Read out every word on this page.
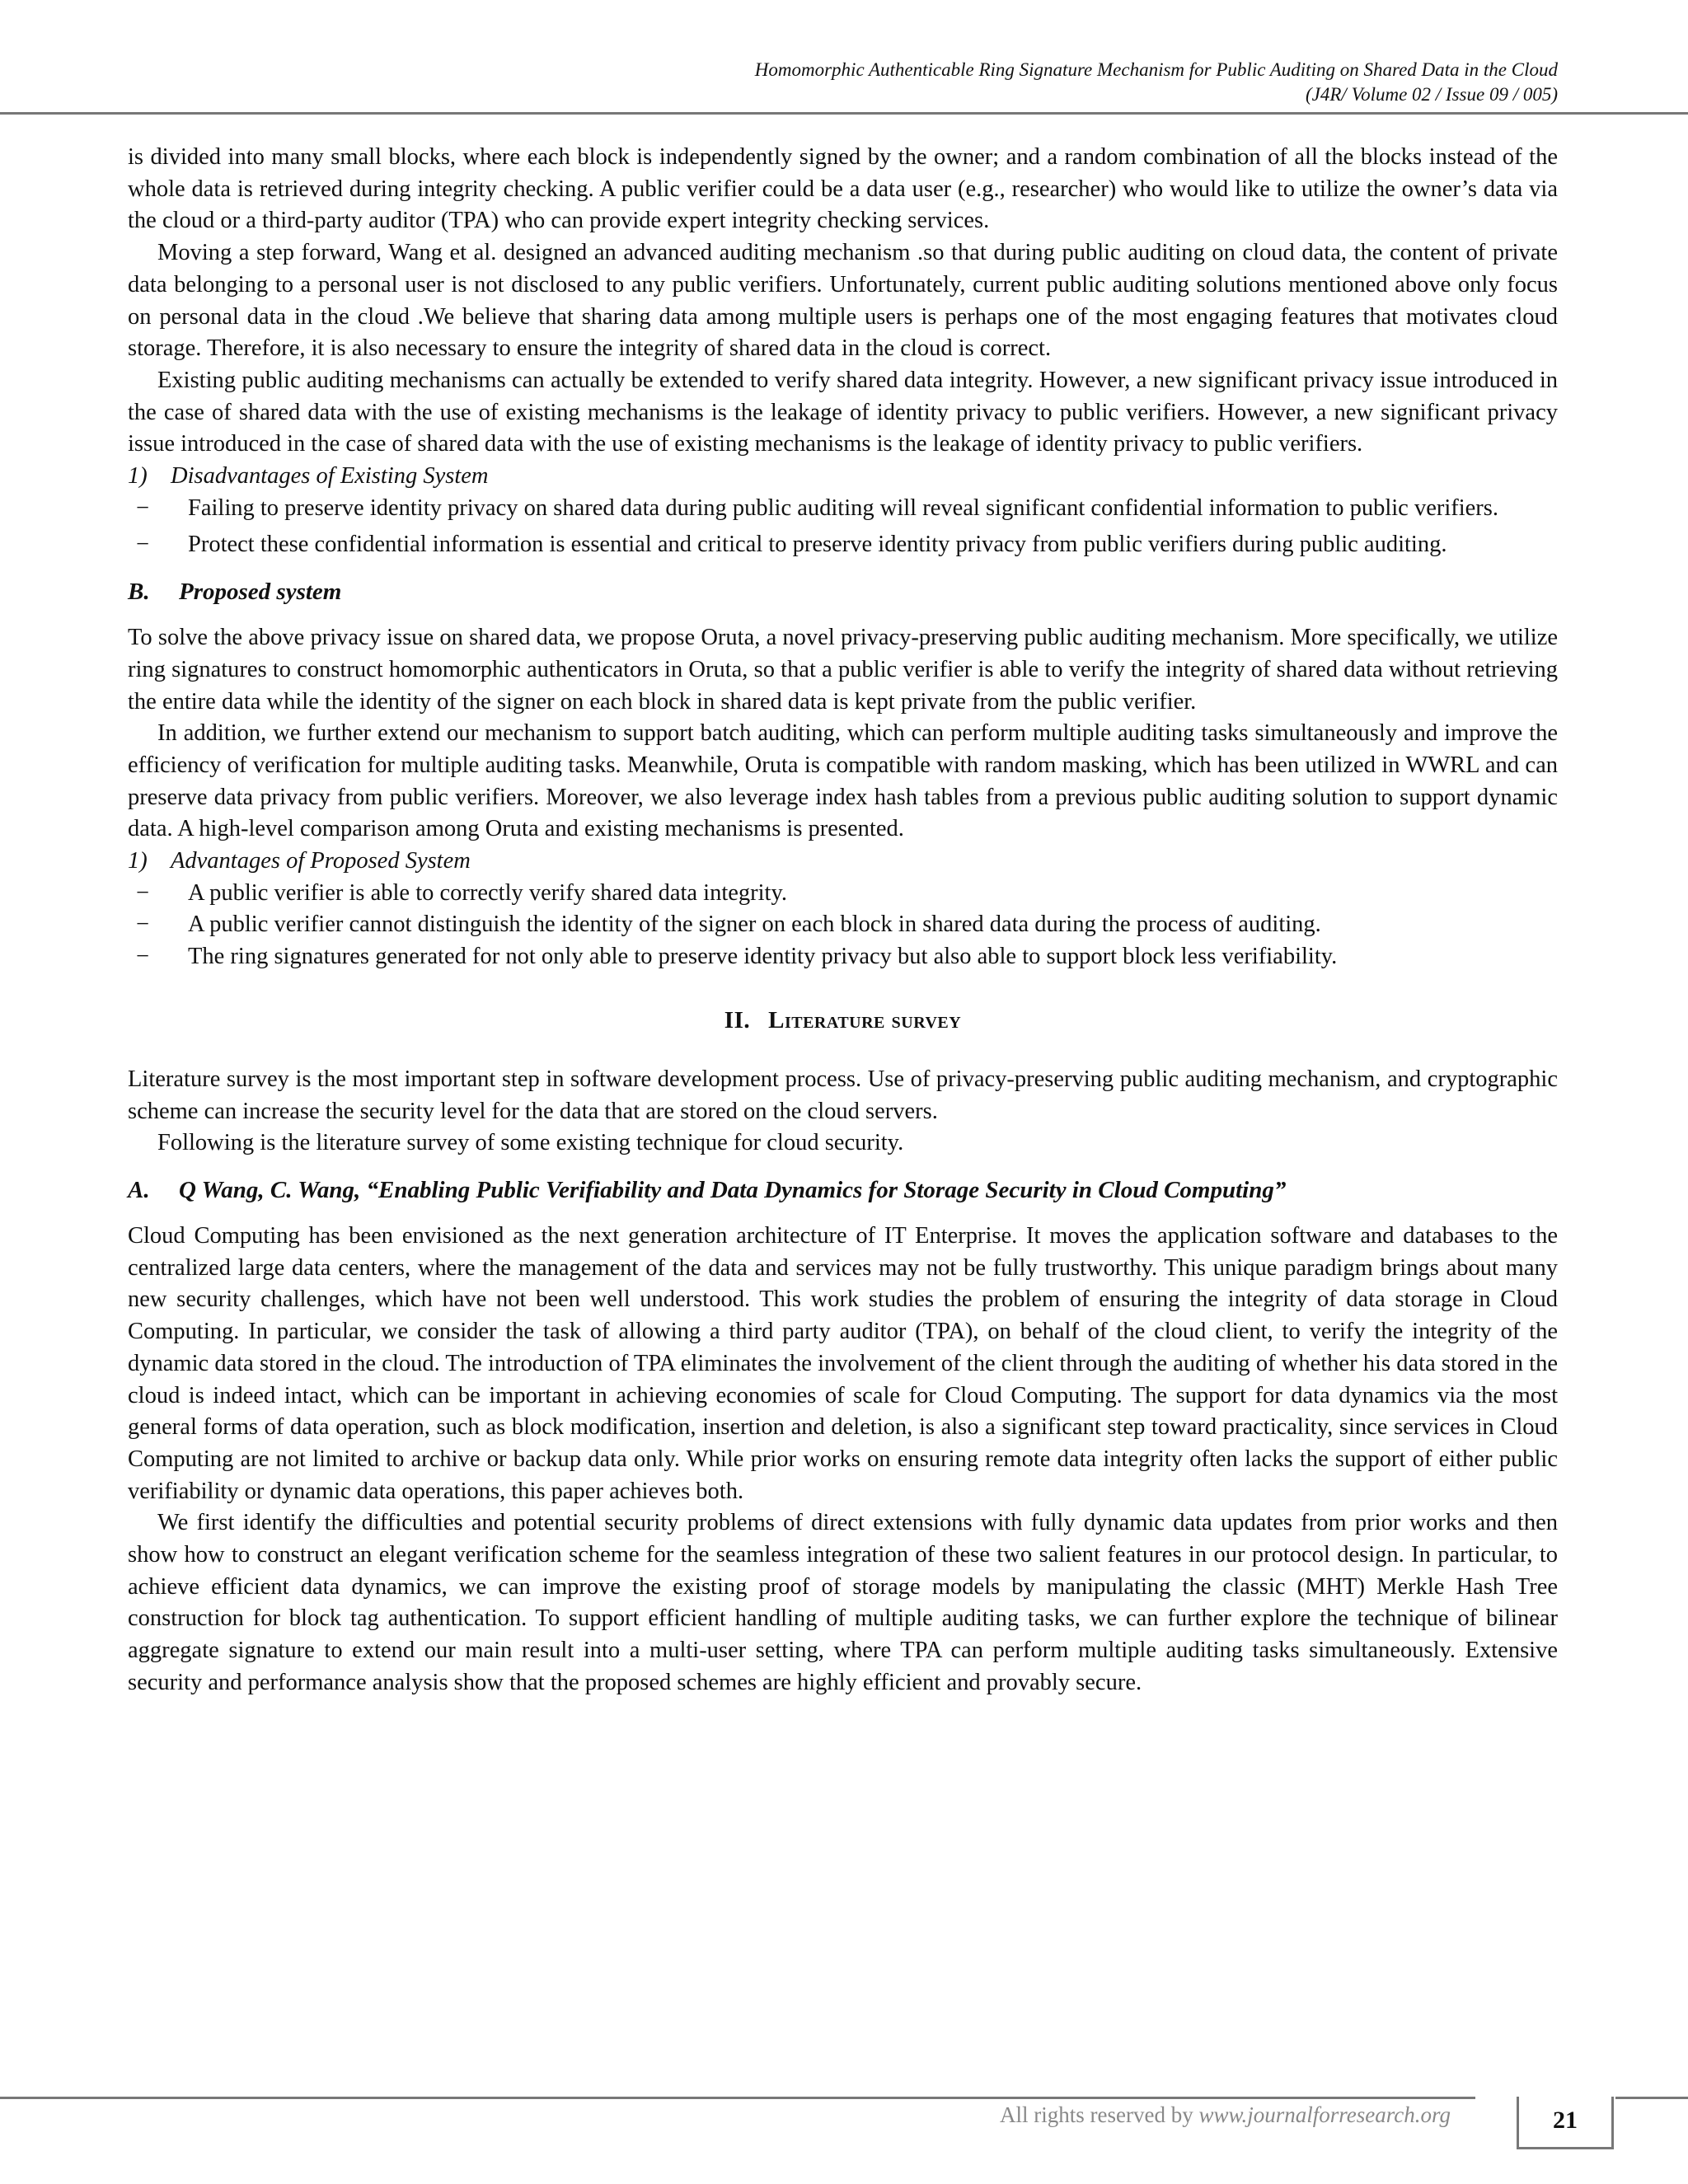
Homomorphic Authenticable Ring Signature Mechanism for Public Auditing on Shared Data in the Cloud
(J4R/ Volume 02 / Issue 09 / 005)

is divided into many small blocks, where each block is independently signed by the owner; and a random combination of all the blocks instead of the whole data is retrieved during integrity checking. A public verifier could be a data user (e.g., researcher) who would like to utilize the owner’s data via the cloud or a third-party auditor (TPA) who can provide expert integrity checking services.

Moving a step forward, Wang et al. designed an advanced auditing mechanism .so that during public auditing on cloud data, the content of private data belonging to a personal user is not disclosed to any public verifiers. Unfortunately, current public auditing solutions mentioned above only focus on personal data in the cloud .We believe that sharing data among multiple users is perhaps one of the most engaging features that motivates cloud storage. Therefore, it is also necessary to ensure the integrity of shared data in the cloud is correct.

Existing public auditing mechanisms can actually be extended to verify shared data integrity. However, a new significant privacy issue introduced in the case of shared data with the use of existing mechanisms is the leakage of identity privacy to public verifiers. However, a new significant privacy issue introduced in the case of shared data with the use of existing mechanisms is the leakage of identity privacy to public verifiers.

1) Disadvantages of Existing System
− Failing to preserve identity privacy on shared data during public auditing will reveal significant confidential information to public verifiers.
− Protect these confidential information is essential and critical to preserve identity privacy from public verifiers during public auditing.
B. Proposed system

To solve the above privacy issue on shared data, we propose Oruta, a novel privacy-preserving public auditing mechanism. More specifically, we utilize ring signatures to construct homomorphic authenticators in Oruta, so that a public verifier is able to verify the integrity of shared data without retrieving the entire data while the identity of the signer on each block in shared data is kept private from the public verifier.

In addition, we further extend our mechanism to support batch auditing, which can perform multiple auditing tasks simultaneously and improve the efficiency of verification for multiple auditing tasks. Meanwhile, Oruta is compatible with random masking, which has been utilized in WWRL and can preserve data privacy from public verifiers. Moreover, we also leverage index hash tables from a previous public auditing solution to support dynamic data. A high-level comparison among Oruta and existing mechanisms is presented.

1) Advantages of Proposed System
− A public verifier is able to correctly verify shared data integrity.
− A public verifier cannot distinguish the identity of the signer on each block in shared data during the process of auditing.
− The ring signatures generated for not only able to preserve identity privacy but also able to support block less verifiability.
II. Literature survey

Literature survey is the most important step in software development process. Use of privacy-preserving public auditing mechanism, and cryptographic scheme can increase the security level for the data that are stored on the cloud servers.

Following is the literature survey of some existing technique for cloud security.

A. Q Wang, C. Wang, “Enabling Public Verifiability and Data Dynamics for Storage Security in Cloud Computing”

Cloud Computing has been envisioned as the next generation architecture of IT Enterprise. It moves the application software and databases to the centralized large data centers, where the management of the data and services may not be fully trustworthy. This unique paradigm brings about many new security challenges, which have not been well understood. This work studies the problem of ensuring the integrity of data storage in Cloud Computing. In particular, we consider the task of allowing a third party auditor (TPA), on behalf of the cloud client, to verify the integrity of the dynamic data stored in the cloud. The introduction of TPA eliminates the involvement of the client through the auditing of whether his data stored in the cloud is indeed intact, which can be important in achieving economies of scale for Cloud Computing. The support for data dynamics via the most general forms of data operation, such as block modification, insertion and deletion, is also a significant step toward practicality, since services in Cloud Computing are not limited to archive or backup data only. While prior works on ensuring remote data integrity often lacks the support of either public verifiability or dynamic data operations, this paper achieves both.

We first identify the difficulties and potential security problems of direct extensions with fully dynamic data updates from prior works and then show how to construct an elegant verification scheme for the seamless integration of these two salient features in our protocol design. In particular, to achieve efficient data dynamics, we can improve the existing proof of storage models by manipulating the classic (MHT) Merkle Hash Tree construction for block tag authentication. To support efficient handling of multiple auditing tasks, we can further explore the technique of bilinear aggregate signature to extend our main result into a multi-user setting, where TPA can perform multiple auditing tasks simultaneously. Extensive security and performance analysis show that the proposed schemes are highly efficient and provably secure.

All rights reserved by www.journalforresearch.org	21
